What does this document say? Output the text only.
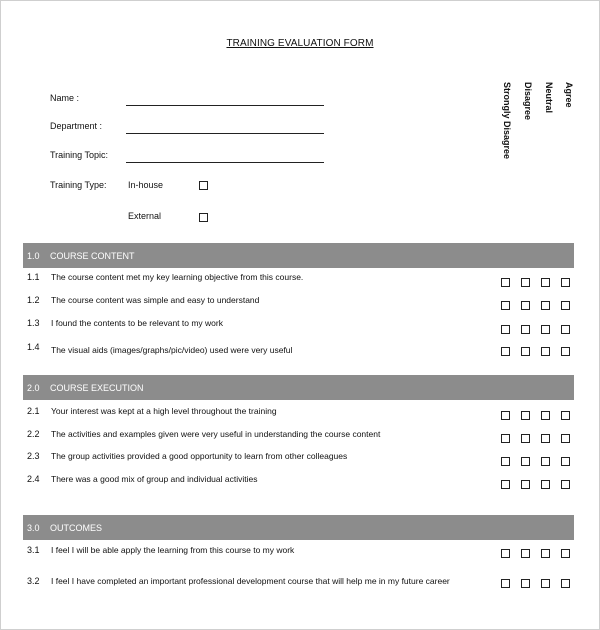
TRAINING EVALUATION FORM
Name :
Department :
Training Topic:
Training Type: In-house
External
Agree
Neutral
Disagree
Strongly Disagree
1.0 COURSE CONTENT
1.1 The course content met my key learning objective from this course.
1.2 The course content was simple and easy to understand
1.3 I found the contents to be relevant to my work
1.4 The visual aids (images/graphs/pic/video) used were very useful
2.0 COURSE EXECUTION
2.1 Your interest was kept at a high level throughout the training
2.2 The activities and examples given were very useful in understanding the course content
2.3 The group activities provided a good opportunity to learn from other colleagues
2.4 There was a good mix of group and individual activities
3.0 OUTCOMES
3.1 I feel I will be able apply the learning from this course to my work
3.2 I feel I have completed an important professional development course that will help me in my future career
